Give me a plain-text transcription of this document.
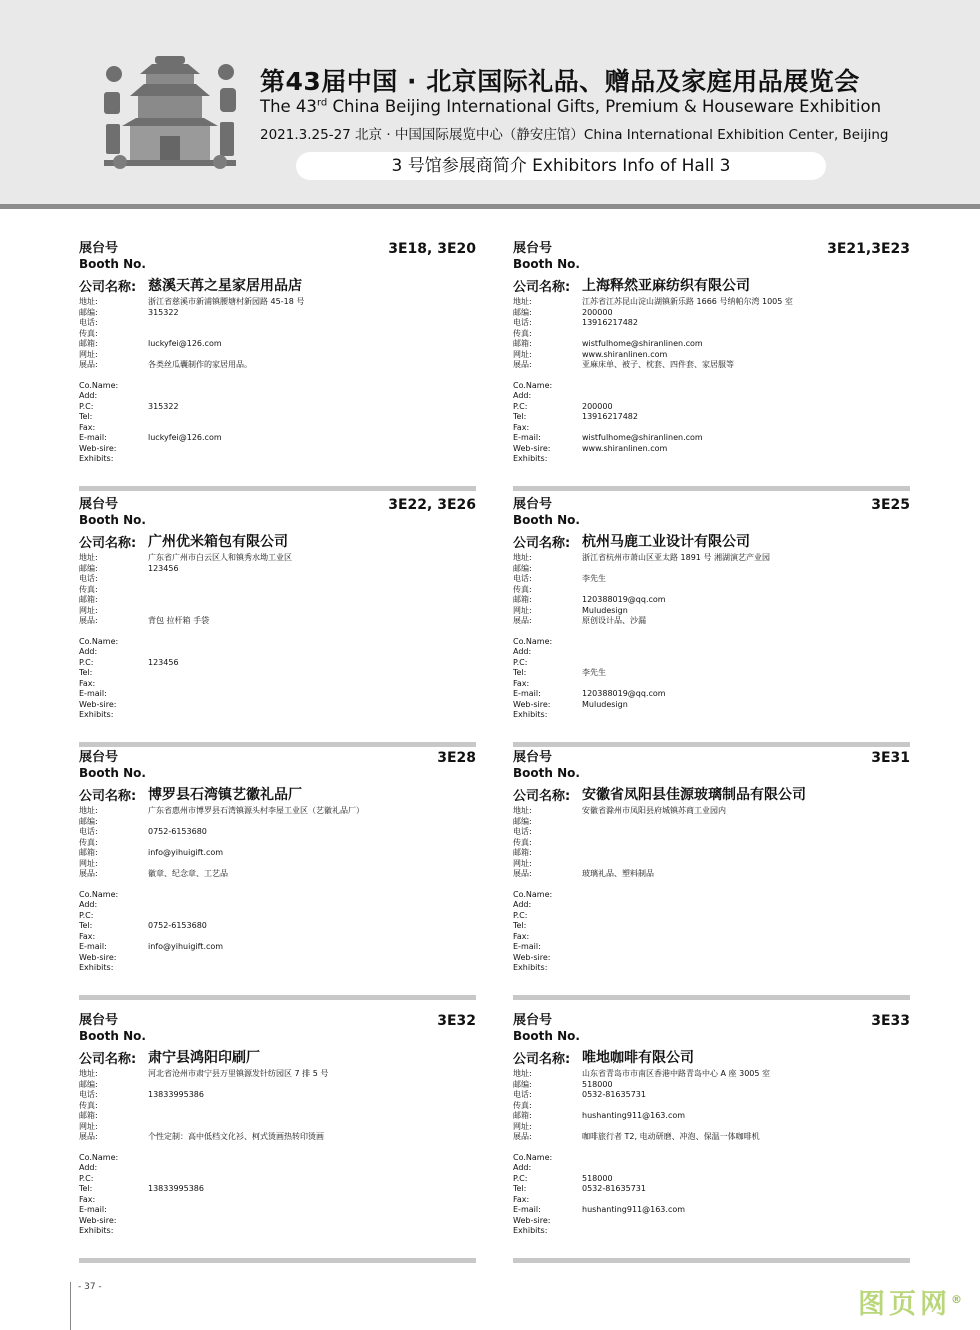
第43届中国 · 北京国际礼品、赠品及家庭用品展览会
The 43rd China Beijing International Gifts, Premium & Houseware Exhibition
2021.3.25-27 北京 · 中国国际展览中心（静安庄馆）China International Exhibition Center, Beijing
3 号馆参展商简介 Exhibitors Info of Hall 3
展台号
Booth No.
3E18, 3E20
公司名称: 慈溪天苒之星家居用品店
地址:	浙江省慈溪市新浦镇腰塘村新园路 45-18 号
邮编:	315322
电话:
传真:
邮箱:	luckyfei@126.com
网址:
展品:	各类丝瓜囊制作的家居用品。
Co.Name:
Add:
P.C:	315322
Tel:
Fax:
E-mail:	luckyfei@126.com
Web-sire:
Exhibits:
展台号
Booth No.
3E21,3E23
公司名称: 上海释然亚麻纺织有限公司
地址:	江苏省江苏昆山淀山湖镇新乐路 1666 号纳帕尔湾 1005 室
邮编:	200000
电话:	13916217482
传真:
邮箱:	wistfulhome@shiranlinen.com
网址:	www.shiranlinen.com
展品:	亚麻床单、被子、枕套、四件套、家居服等
Co.Name:
Add:
P.C:	200000
Tel:	13916217482
Fax:
E-mail:	wistfulhome@shiranlinen.com
Web-sire:	www.shiranlinen.com
Exhibits:
展台号
Booth No.
3E22, 3E26
公司名称: 广州优米箱包有限公司
地址:	广东省广州市白云区人和镇秀水坳工业区
邮编:	123456
电话:
传真:
邮箱:
网址:
展品:	背包 拉杆箱 手袋
Co.Name:
Add:
P.C:	123456
Tel:
Fax:
E-mail:
Web-sire:
Exhibits:
展台号
Booth No.
3E25
公司名称: 杭州马鹿工业设计有限公司
地址:	浙江省杭州市萧山区亚太路 1891 号 湘湖演艺产业园
邮编:
电话:	李先生
传真:
邮箱:	120388019@qq.com
网址:	Muludesign
展品:	原创设计品、沙漏
Co.Name:
Add:
P.C:
Tel:	李先生
Fax:
E-mail:	120388019@qq.com
Web-sire:	Muludesign
Exhibits:
展台号
Booth No.
3E28
公司名称: 博罗县石湾镇艺徽礼品厂
地址:	广东省惠州市博罗县石湾镇源头村李屋工业区（艺徽礼品厂）
邮编:
电话:	0752-6153680
传真:
邮箱:	info@yihuigift.com
网址:
展品:	徽章、纪念章、工艺品
Co.Name:
Add:
P.C:
Tel:	0752-6153680
Fax:
E-mail:	info@yihuigift.com
Web-sire:
Exhibits:
展台号
Booth No.
3E31
公司名称: 安徽省凤阳县佳源玻璃制品有限公司
地址:	安徽省滁州市凤阳县府城镇苏商工业园内
邮编:
电话:
传真:
邮箱:
网址:
展品:	玻璃礼品、塑料制品
Co.Name:
Add:
P.C:
Tel:
Fax:
E-mail:
Web-sire:
Exhibits:
展台号
Booth No.
3E32
公司名称: 肃宁县鸿阳印刷厂
地址:	河北省沧州市肃宁县万里镇源发针纺园区 7 排 5 号
邮编:
电话:	13833995386
传真:
邮箱:
网址:
展品:	个性定制：高中低档文化衫、柯式烫画热转印烫画
Co.Name:
Add:
P.C:
Tel:	13833995386
Fax:
E-mail:
Web-sire:
Exhibits:
展台号
Booth No.
3E33
公司名称: 唯地咖啡有限公司
地址:	山东省青岛市市南区香港中路青岛中心 A 座 3005 室
邮编:	518000
电话:	0532-81635731
传真:
邮箱:	hushanting911@163.com
网址:
展品:	咖啡旅行者 T2, 电动研磨、冲泡、保温一体咖啡机
Co.Name:
Add:
P.C:	518000
Tel:	0532-81635731
Fax:
E-mail:	hushanting911@163.com
Web-sire:
Exhibits:
- 37 -
图页网®
